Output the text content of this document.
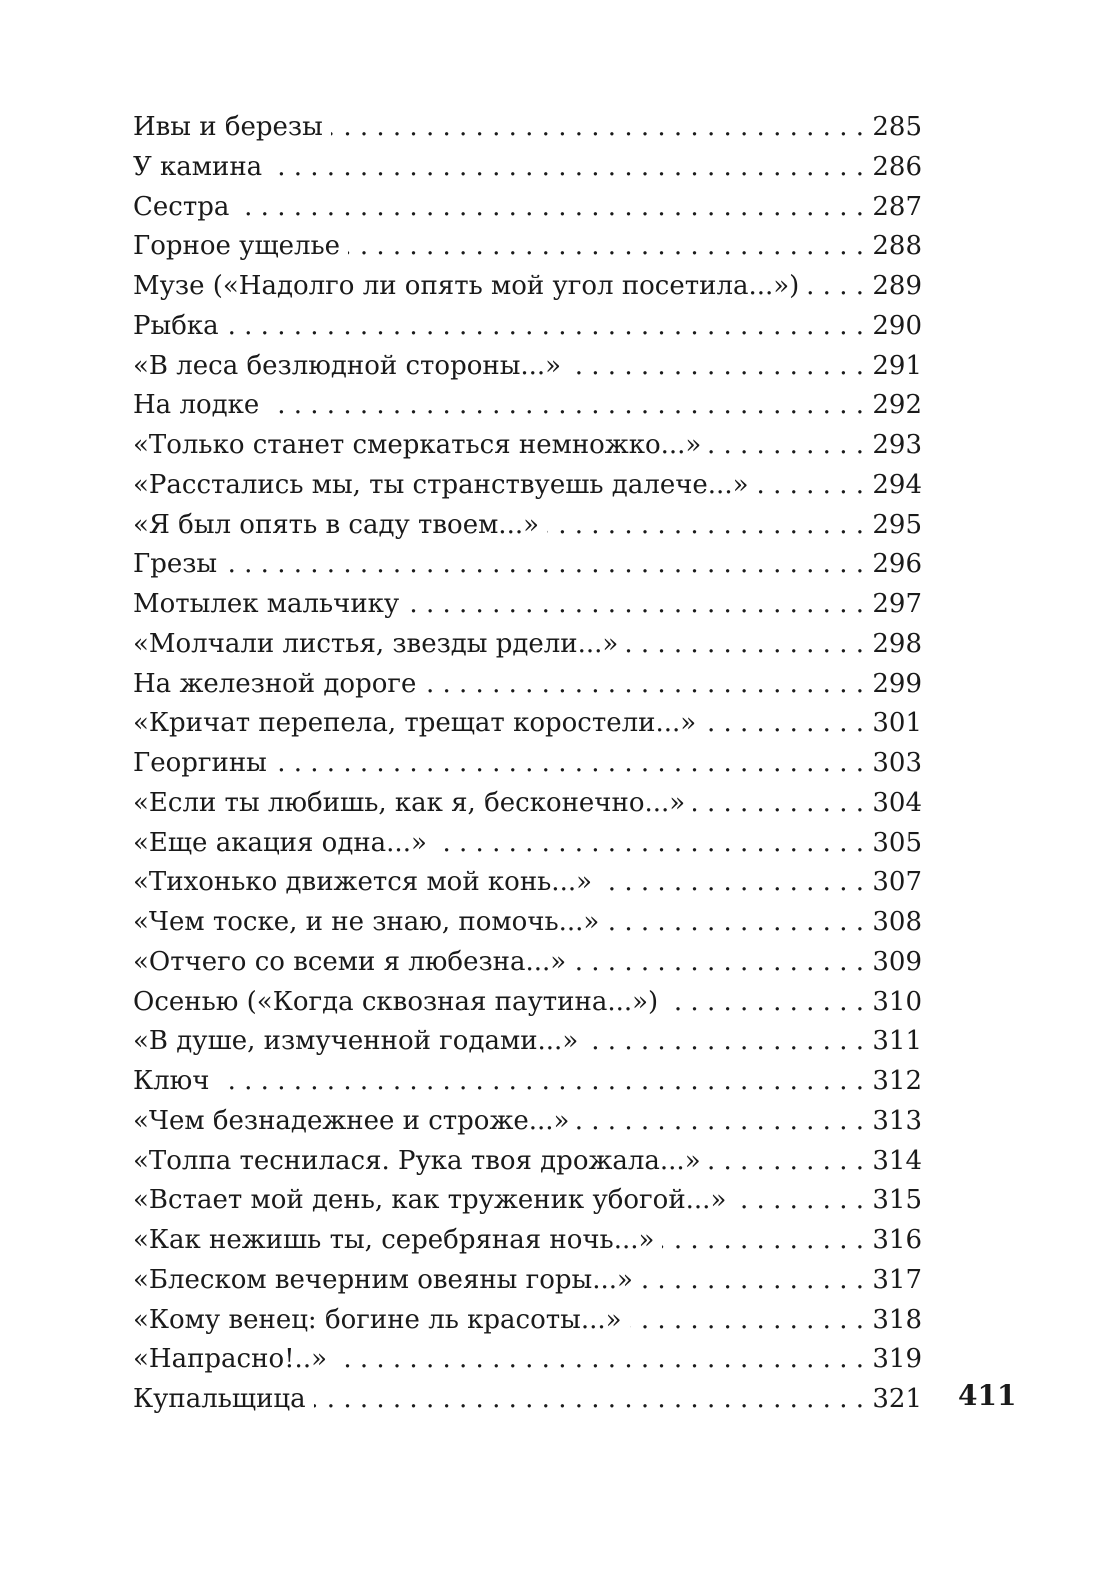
Ивы и березы . . .	285
У камина . . .	286
Сестра . . .	287
Горное ущелье . . .	288
Музе («Надолго ли опять мой угол посетила...») . . .	289
Рыбка . . .	290
«В леса безлюдной стороны...» . . .	291
На лодке . . .	292
«Только станет смеркаться немножко...» . . .	293
«Расстались мы, ты странствуешь далече...» . . .	294
«Я был опять в саду твоем...» . . .	295
Грезы . . .	296
Мотылек мальчику . . .	297
«Молчали листья, звезды рдели...» . . .	298
На железной дороге . . .	299
«Кричат перепела, трещат коростели...» . . .	301
Георгины . . .	303
«Если ты любишь, как я, бесконечно...» . . .	304
«Еще акация одна...» . . .	305
«Тихонько движется мой конь...» . . .	307
«Чем тоске, и не знаю, помочь...» . . .	308
«Отчего со всеми я любезна...» . . .	309
Осенью («Когда сквозная паутина...») . . .	310
«В душе, измученной годами...» . . .	311
Ключ . . .	312
«Чем безнадежнее и строже...» . . .	313
«Толпа теснилася. Рука твоя дрожала...» . . .	314
«Встает мой день, как труженик убогой...» . . .	315
«Как нежишь ты, серебряная ночь...» . . .	316
«Блеском вечерним овеяны горы...» . . .	317
«Кому венец: богине ль красоты...» . . .	318
«Напрасно!..» . . .	319
Купальщица . . .	321 411
